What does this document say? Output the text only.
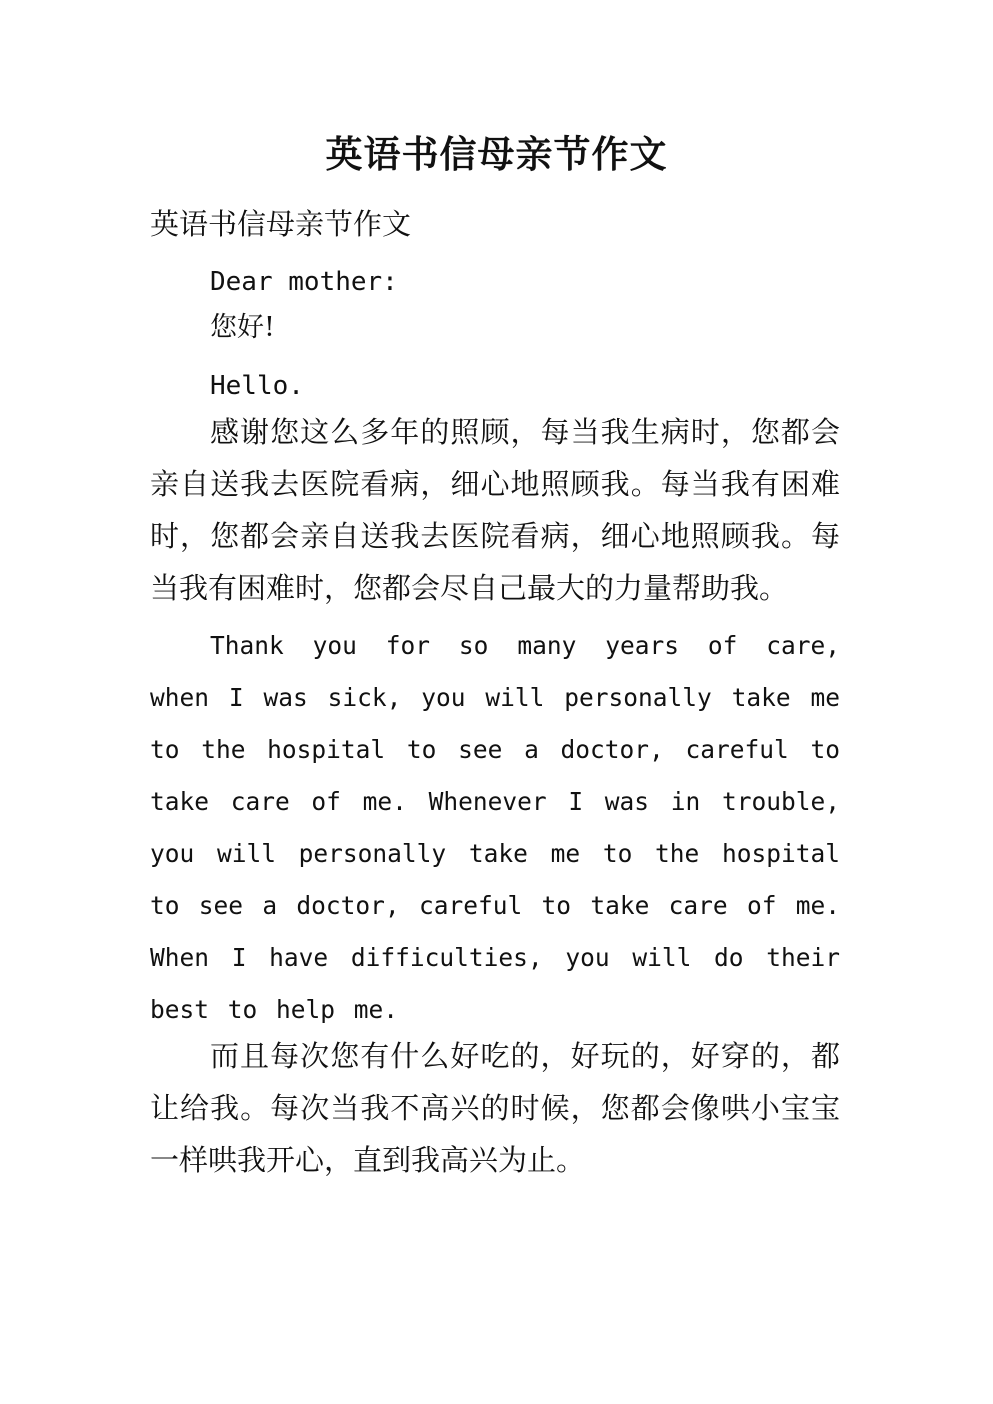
英语书信母亲节作文
英语书信母亲节作文
Dear mother:
您好!
Hello.

感谢您这么多年的照顾，每当我生病时，您都会亲自送我去医院看病，细心地照顾我。每当我有困难时，您都会亲自送我去医院看病，细心地照顾我。每当我有困难时，您都会尽自己最大的力量帮助我。

Thank you for so many years of care, when I was sick, you will personally take me to the hospital to see a doctor, careful to take care of me. Whenever I was in trouble, you will personally take me to the hospital to see a doctor, careful to take care of me. When I have difficulties, you will do their best to help me.

而且每次您有什么好吃的，好玩的，好穿的，都让给我。每次当我不高兴的时候，您都会像哄小宝宝一样哄我开心，直到我高兴为止。
